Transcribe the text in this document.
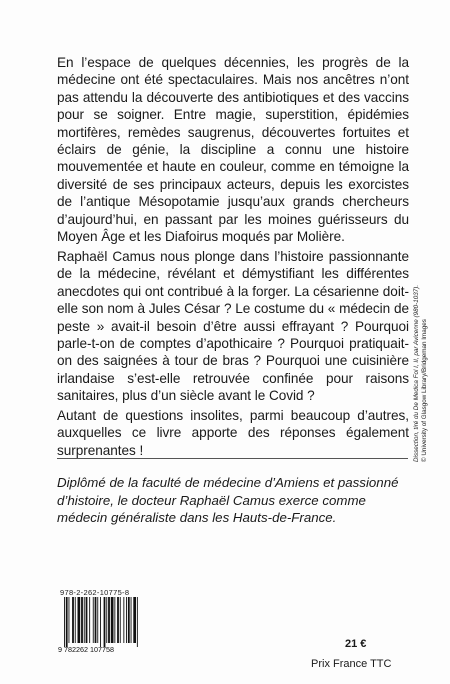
En l’espace de quelques décennies, les progrès de la médecine ont été spectaculaires. Mais nos ancêtres n’ont pas attendu la découverte des antibiotiques et des vaccins pour se soigner. Entre magie, superstition, épidémies mortifères, remèdes saugrenus, découvertes fortuites et éclairs de génie, la discipline a connu une histoire mouvementée et haute en couleur, comme en témoigne la diversité de ses principaux acteurs, depuis les exorcistes de l’antique Mésopotamie jusqu’aux grands chercheurs d’aujourd’hui, en passant par les moines guérisseurs du Moyen Âge et les Diafoirus moqués par Molière.

Raphaël Camus nous plonge dans l’histoire passionnante de la médecine, révélant et démystifiant les différentes anecdotes qui ont contribué à la forger. La césarienne doit-elle son nom à Jules César ? Le costume du « médecin de peste » avait-il besoin d’être aussi effrayant ? Pourquoi parle-t-on de comptes d’apothicaire ? Pourquoi pratiquait-on des saignées à tour de bras ? Pourquoi une cuisinière irlandaise s’est-elle retrouvée confinée pour raisons sanitaires, plus d’un siècle avant le Covid ?

Autant de questions insolites, parmi beaucoup d’autres, auxquelles ce livre apporte des réponses également surprenantes !

Diplômé de la faculté de médecine d’Amiens et passionné d’histoire, le docteur Raphaël Camus exerce comme médecin généraliste dans les Hauts-de-France.

978-2-262-10775-8
9 782262 107758	21 €
Prix France TTC
Dissection, tiré du De Medica Fol I, II, par Avicenne (980-1037). © University of Glasgow Library/Bridgeman Images
